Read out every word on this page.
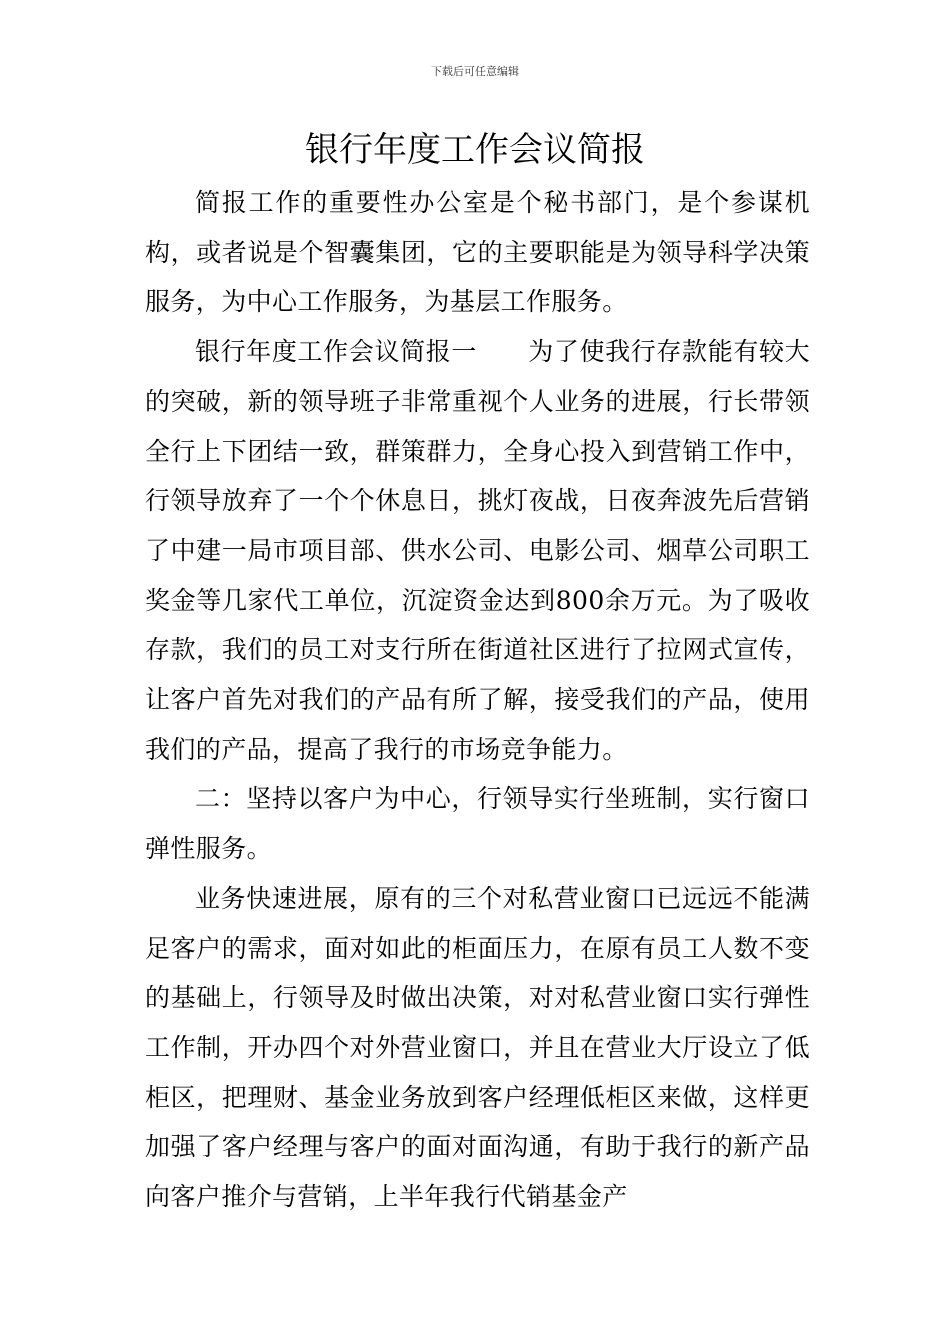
下载后可任意编辑
银行年度工作会议简报

简报工作的重要性办公室是个秘书部门，是个参谋机构，或者说是个智囊集团，它的主要职能是为领导科学决策服务，为中心工作服务，为基层工作服务。

银行年度工作会议简报一　　为了使我行存款能有较大的突破，新的领导班子非常重视个人业务的进展，行长带领全行上下团结一致，群策群力，全身心投入到营销工作中，行领导放弃了一个个休息日，挑灯夜战，日夜奔波先后营销了中建一局市项目部、供水公司、电影公司、烟草公司职工奖金等几家代工单位，沉淀资金达到800余万元。为了吸收存款，我们的员工对支行所在街道社区进行了拉网式宣传，让客户首先对我们的产品有所了解，接受我们的产品，使用我们的产品，提高了我行的市场竞争能力。

二：坚持以客户为中心，行领导实行坐班制，实行窗口弹性服务。

业务快速进展，原有的三个对私营业窗口已远远不能满足客户的需求，面对如此的柜面压力，在原有员工人数不变的基础上，行领导及时做出决策，对对私营业窗口实行弹性工作制，开办四个对外营业窗口，并且在营业大厅设立了低柜区，把理财、基金业务放到客户经理低柜区来做，这样更加强了客户经理与客户的面对面沟通，有助于我行的新产品向客户推介与营销，上半年我行代销基金产
